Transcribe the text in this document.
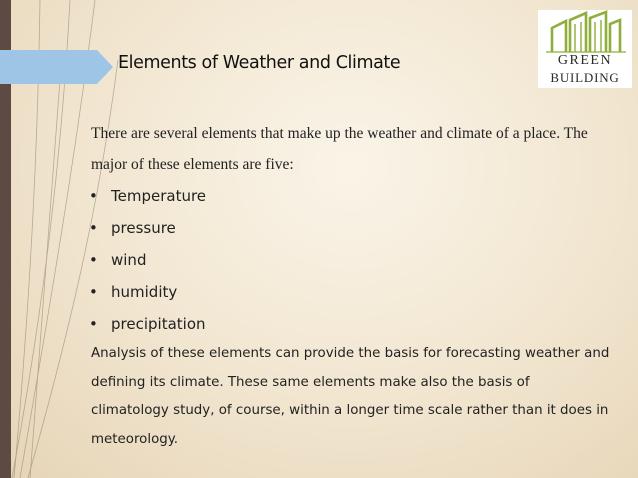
Elements of Weather and Climate	GREEN
BUILDING
There are several elements that make up the weather and climate of a place. The major of these elements are five:
• Temperature
• pressure
• wind
• humidity
• precipitation
Analysis of these elements can provide the basis for forecasting weather and defining its climate. These same elements make also the basis of climatology study, of course, within a longer time scale rather than it does in meteorology.
